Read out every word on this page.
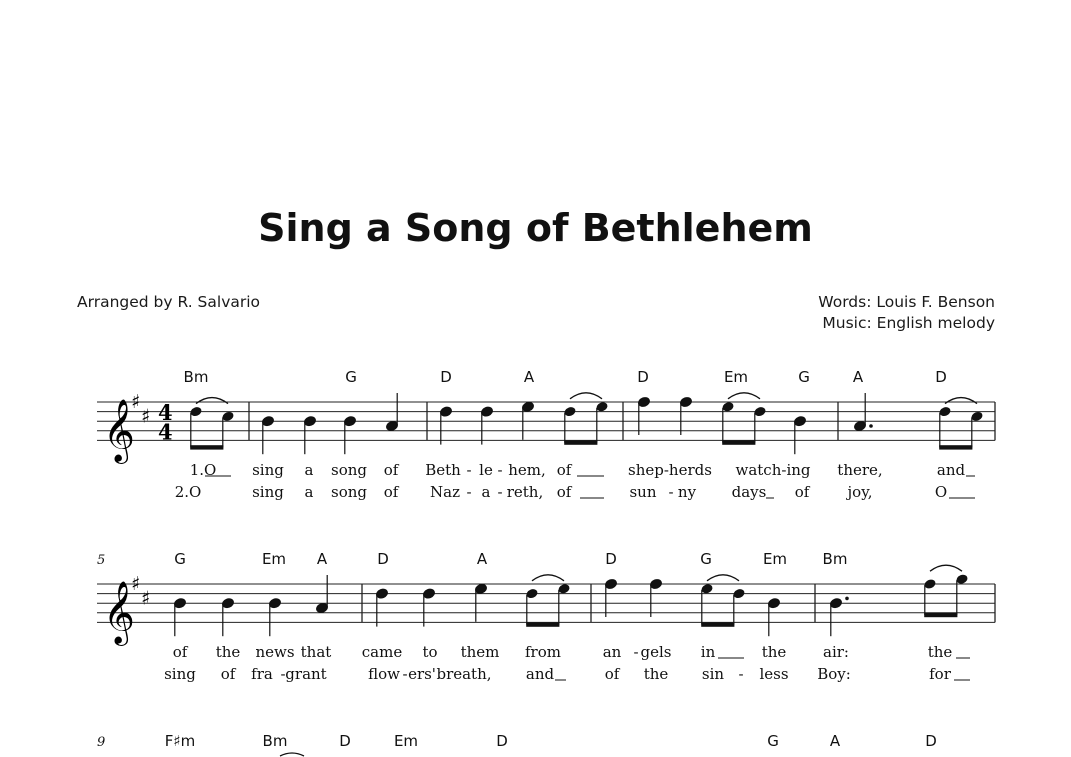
Sing a Song of Bethlehem
Arranged by R. Salvario	Words: Louis F. Benson
Music: English melody
𝄞
♯
♯ 4
4
Bm	G	D	A	D	Em	G	A	D
1.O sing a song of Beth - le - hem, of	shep-herds watch-ing there,	and
2.O	sing a song of Naz - a - reth, of	sun - ny days of	joy,	O
𝄞
♯
♯
5	G	Em A	D	A	D	G	Em Bm
of the news that came to them from	an - gels in	the air:	the
sing of fra - grant	flow - ers' breath, and	of the sin - less Boy:	for
9	F♯m	Bm	D	Em	D	G	A	D
